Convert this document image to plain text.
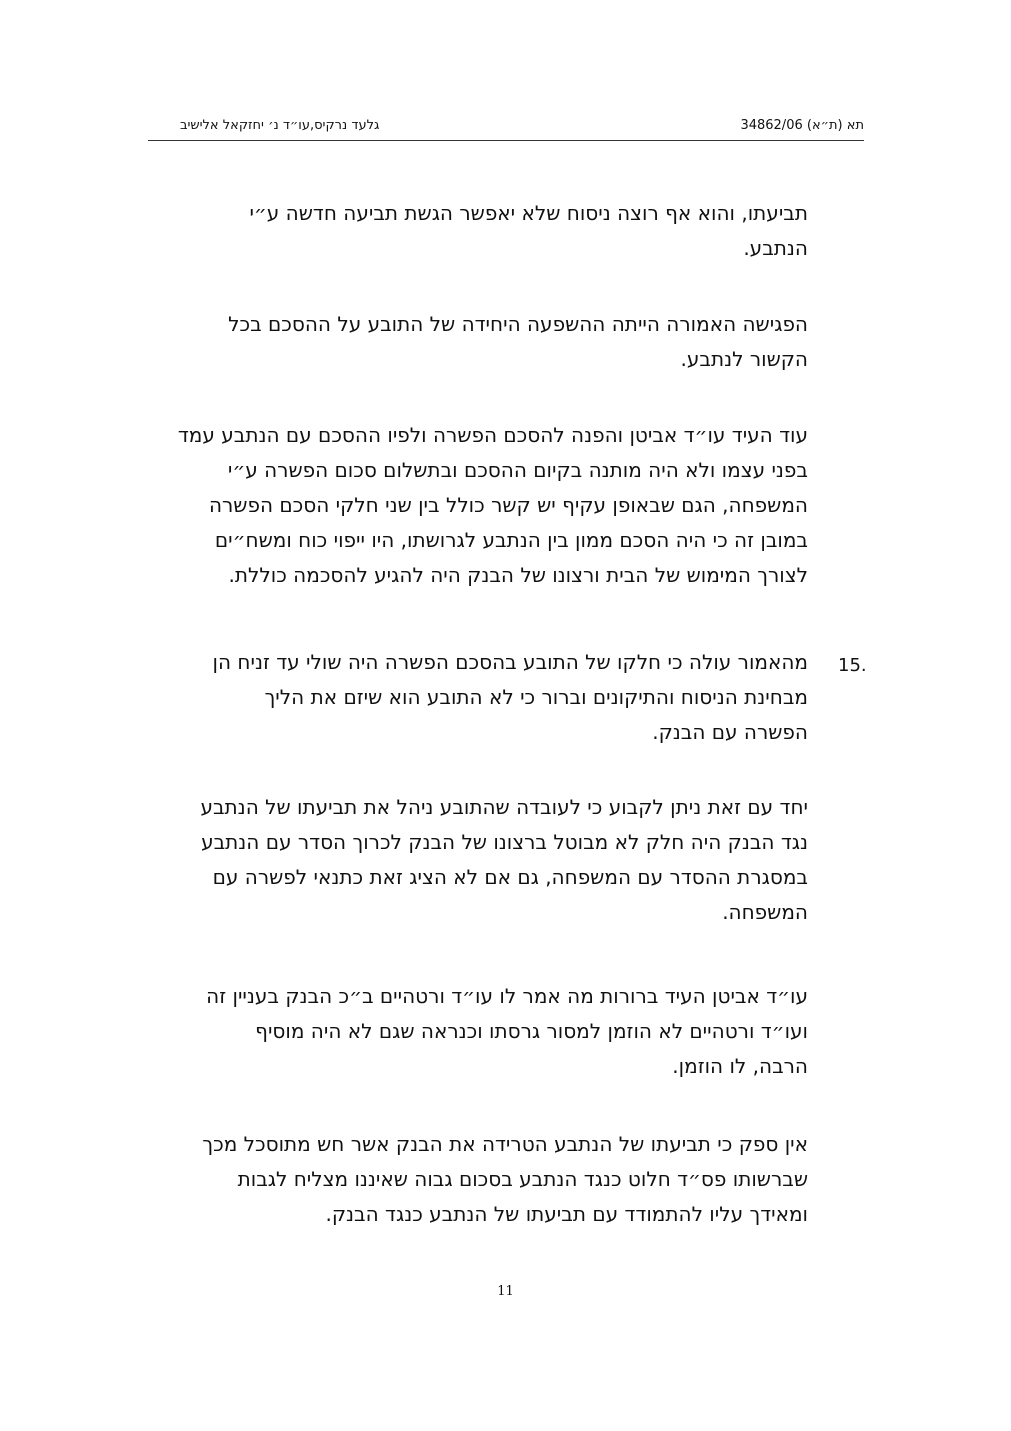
תא (ת״א) 34862/06
גלעד נרקיס,עו״ד נ׳ יחזקאל אלישיב
תביעתו, והוא אף רוצה ניסוח שלא יאפשר הגשת תביעה חדשה ע״י
הנתבע.
הפגישה האמורה הייתה ההשפעה היחידה של התובע על ההסכם בכל
הקשור לנתבע.
עוד העיד עו״ד אביטן והפנה להסכם הפשרה ולפיו ההסכם עם הנתבע עמד
בפני עצמו ולא היה מותנה בקיום ההסכם ובתשלום סכום הפשרה ע״י
המשפחה, הגם שבאופן עקיף יש קשר כולל בין שני חלקי הסכם הפשרה
במובן זה כי היה הסכם ממון בין הנתבע לגרושתו, היו ייפוי כוח ומשח״ים
לצורך המימוש של הבית ורצונו של הבנק היה להגיע להסכמה כוללת.
15.
מהאמור עולה כי חלקו של התובע בהסכם הפשרה היה שולי עד זניח הן
מבחינת הניסוח והתיקונים וברור כי לא התובע הוא שיזם את הליך
הפשרה עם הבנק.
יחד עם זאת ניתן לקבוע כי לעובדה שהתובע ניהל את תביעתו של הנתבע
נגד הבנק היה חלק לא מבוטל ברצונו של הבנק לכרוך הסדר עם הנתבע
במסגרת ההסדר עם המשפחה, גם אם לא הציג זאת כתנאי לפשרה עם
המשפחה.
עו״ד אביטן העיד ברורות מה אמר לו עו״ד ורטהיים ב״כ הבנק בעניין זה
ועו״ד ורטהיים לא הוזמן למסור גרסתו וכנראה שגם לא היה מוסיף
הרבה, לו הוזמן.
אין ספק כי תביעתו של הנתבע הטרידה את הבנק אשר חש מתוסכל מכך
שברשותו פס״ד חלוט כנגד הנתבע בסכום גבוה שאיננו מצליח לגבות
ומאידך עליו להתמודד עם תביעתו של הנתבע כנגד הבנק.
11
